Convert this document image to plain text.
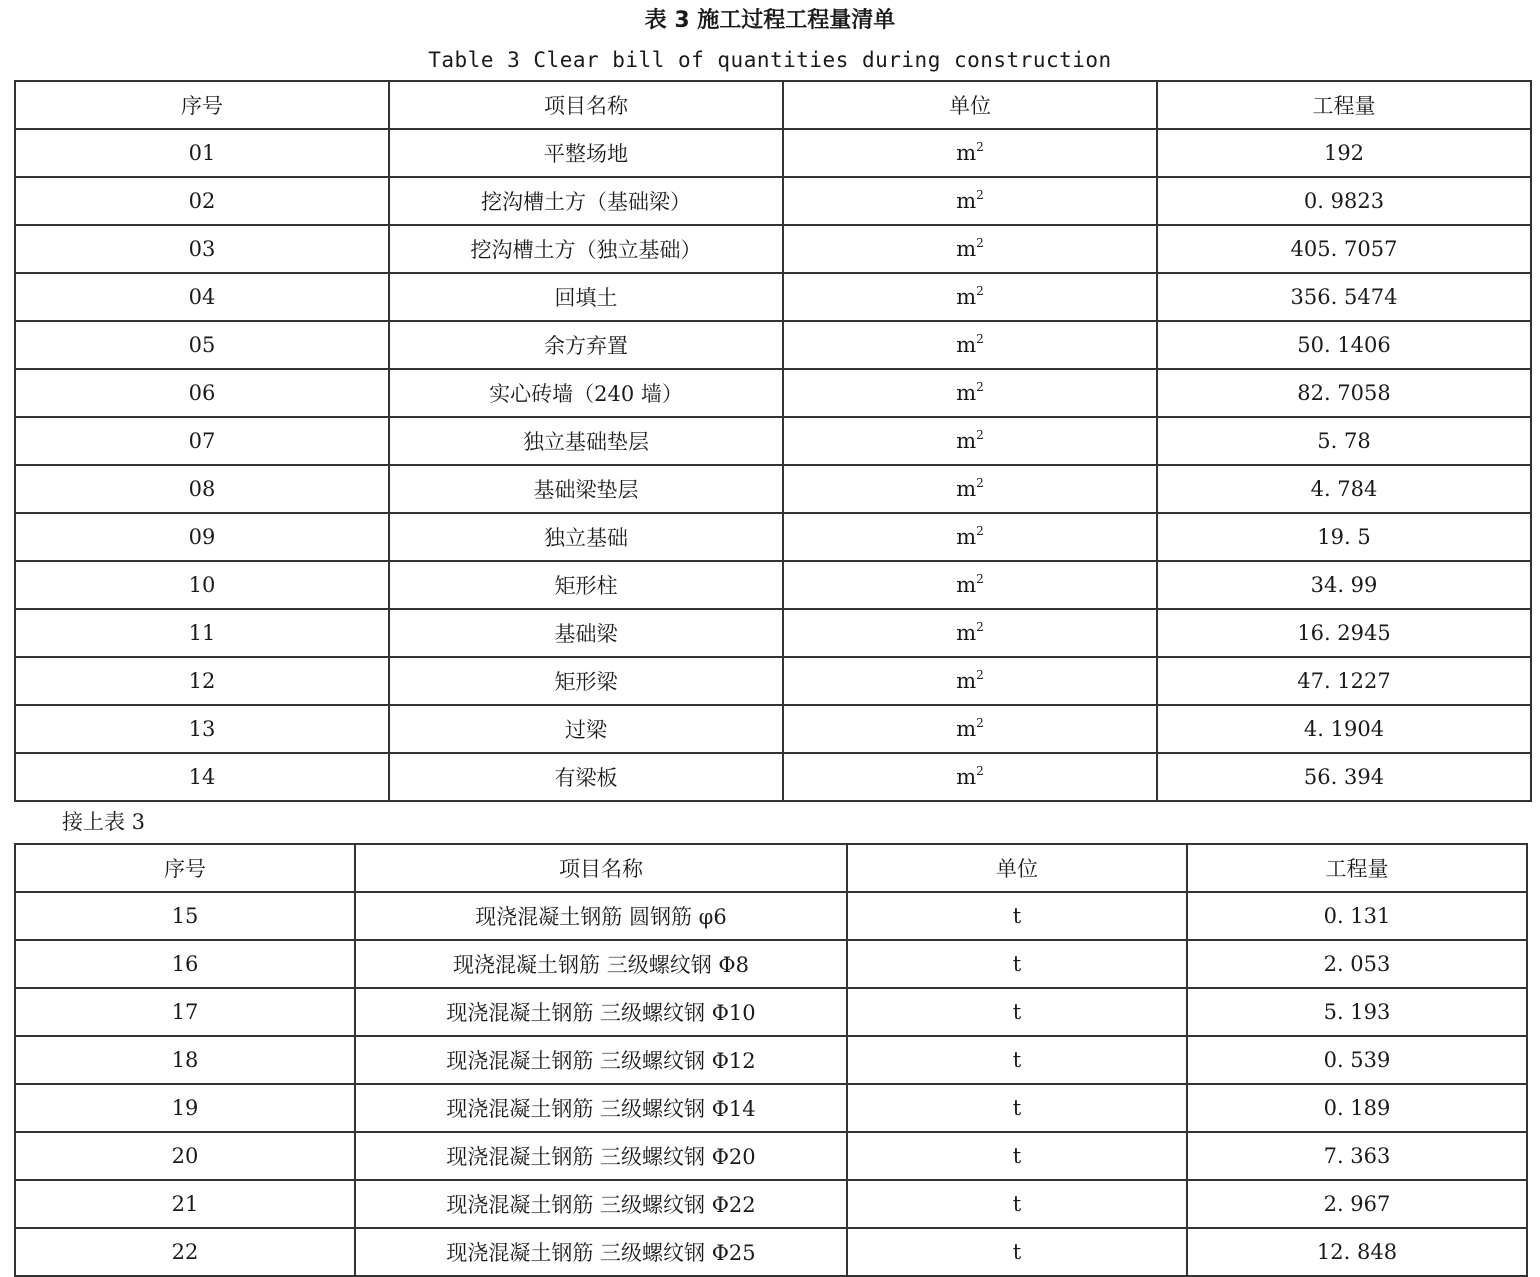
表 3 施工过程工程量清单
Table 3 Clear bill of quantities during construction
序号	项目名称	单位	工程量
01	平整场地	$m^2$	192
02	挖沟槽土方（基础梁）	$m^2$	0. 9823
03	挖沟槽土方（独立基础）	$m^2$	405. 7057
04	回填土	$m^2$	356. 5474
05	余方弃置	$m^2$	50. 1406
06	实心砖墙（240 墙）	$m^2$	82. 7058
07	独立基础垫层	$m^2$	5. 78
08	基础梁垫层	$m^2$	4. 784
09	独立基础	$m^2$	19. 5
10	矩形柱	$m^2$	34. 99
11	基础梁	$m^2$	16. 2945
12	矩形梁	$m^2$	47. 1227
13	过梁	$m^2$	4. 1904
14	有梁板	$m^2$	56. 394
接上表 3
序号	项目名称	单位	工程量
15	现浇混凝土钢筋 圆钢筋 φ6	t	0. 131
16	现浇混凝土钢筋 三级螺纹钢 Φ8	t	2. 053
17	现浇混凝土钢筋 三级螺纹钢 Φ10	t	5. 193
18	现浇混凝土钢筋 三级螺纹钢 Φ12	t	0. 539
19	现浇混凝土钢筋 三级螺纹钢 Φ14	t	0. 189
20	现浇混凝土钢筋 三级螺纹钢 Φ20	t	7. 363
21	现浇混凝土钢筋 三级螺纹钢 Φ22	t	2. 967
22	现浇混凝土钢筋 三级螺纹钢 Φ25	t	12. 848
